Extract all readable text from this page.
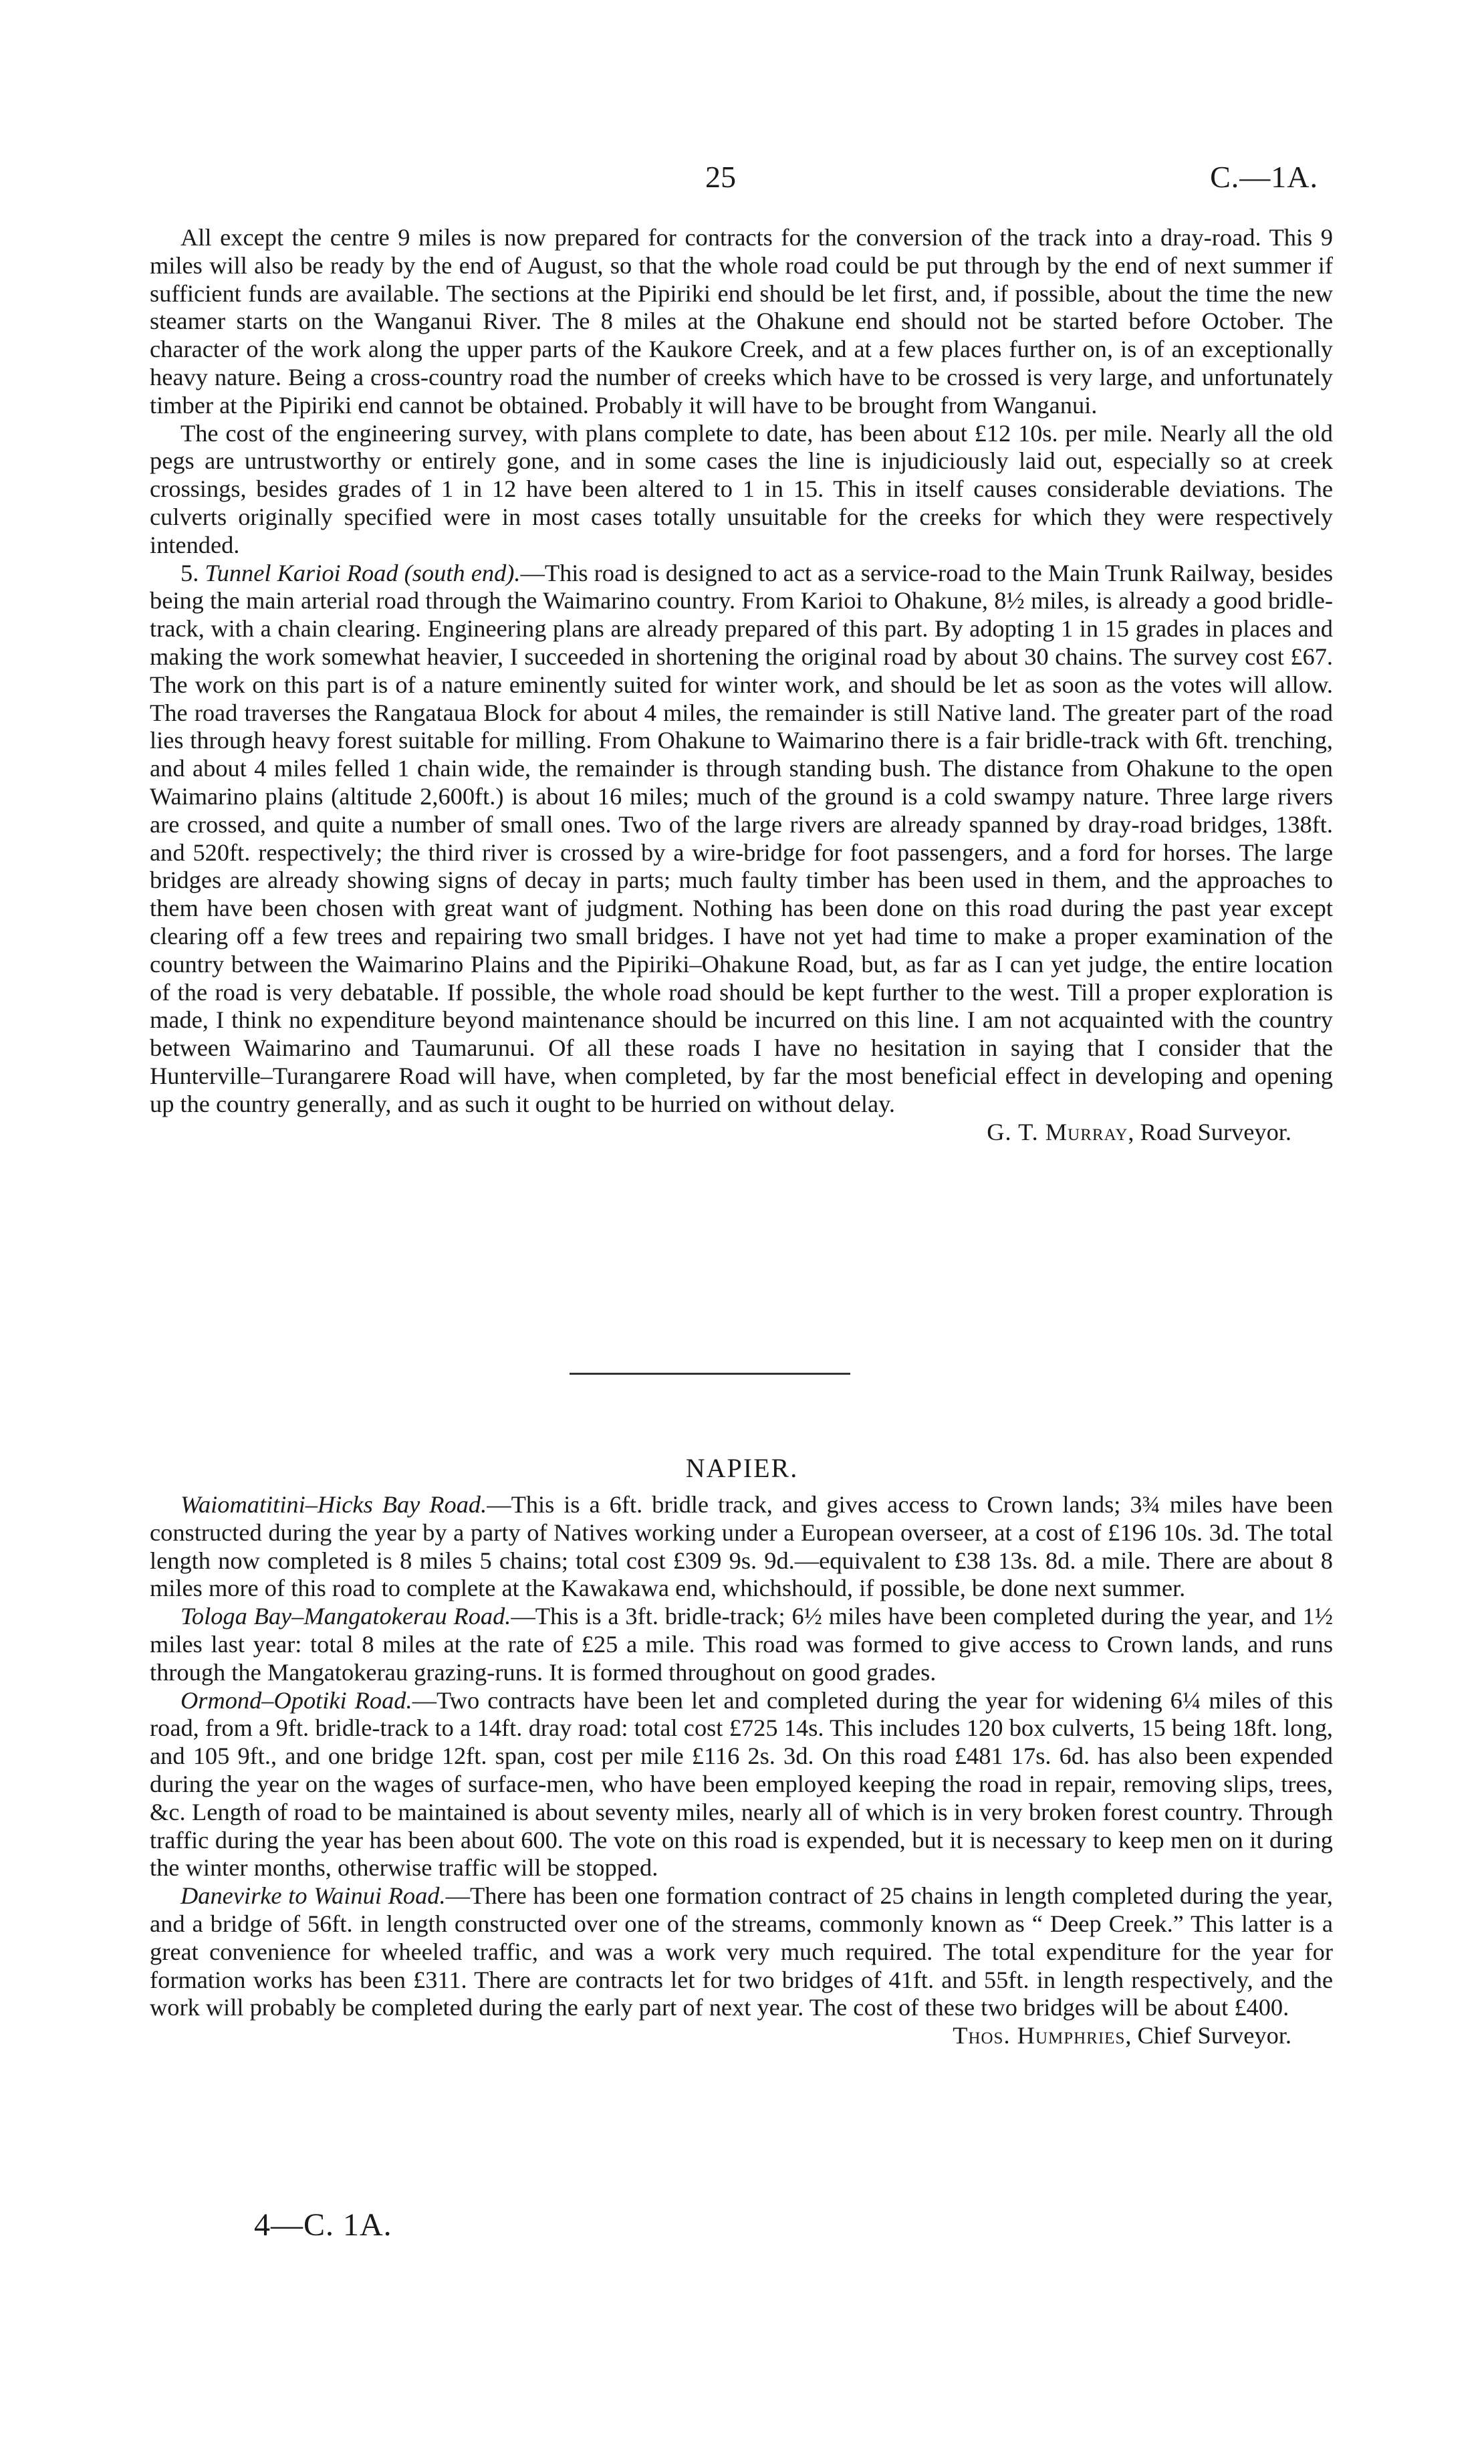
25	C.—1A.

All except the centre 9 miles is now prepared for contracts for the conversion of the track into a dray-road. This 9 miles will also be ready by the end of August, so that the whole road could be put through by the end of next summer if sufficient funds are available. The sections at the Pipiriki end should be let first, and, if possible, about the time the new steamer starts on the Wanganui River. The 8 miles at the Ohakune end should not be started before October. The character of the work along the upper parts of the Kaukore Creek, and at a few places further on, is of an exceptionally heavy nature. Being a cross-country road the number of creeks which have to be crossed is very large, and unfortunately timber at the Pipiriki end cannot be obtained. Probably it will have to be brought from Wanganui.

The cost of the engineering survey, with plans complete to date, has been about £12 10s. per mile. Nearly all the old pegs are untrustworthy or entirely gone, and in some cases the line is injudiciously laid out, especially so at creek crossings, besides grades of 1 in 12 have been altered to 1 in 15. This in itself causes considerable deviations. The culverts originally specified were in most cases totally unsuitable for the creeks for which they were respectively intended.

5. Tunnel Karioi Road (south end).—This road is designed to act as a service-road to the Main Trunk Railway, besides being the main arterial road through the Waimarino country. From Karioi to Ohakune, 8½ miles, is already a good bridle-track, with a chain clearing. Engineering plans are already prepared of this part. By adopting 1 in 15 grades in places and making the work somewhat heavier, I succeeded in shortening the original road by about 30 chains. The survey cost £67. The work on this part is of a nature eminently suited for winter work, and should be let as soon as the votes will allow. The road traverses the Rangataua Block for about 4 miles, the remainder is still Native land. The greater part of the road lies through heavy forest suitable for milling. From Ohakune to Waimarino there is a fair bridle-track with 6ft. trenching, and about 4 miles felled 1 chain wide, the remainder is through standing bush. The distance from Ohakune to the open Waimarino plains (altitude 2,600ft.) is about 16 miles; much of the ground is a cold swampy nature. Three large rivers are crossed, and quite a number of small ones. Two of the large rivers are already spanned by dray-road bridges, 138ft. and 520ft. respectively; the third river is crossed by a wire-bridge for foot passengers, and a ford for horses. The large bridges are already showing signs of decay in parts; much faulty timber has been used in them, and the approaches to them have been chosen with great want of judgment. Nothing has been done on this road during the past year except clearing off a few trees and repairing two small bridges. I have not yet had time to make a proper examination of the country between the Waimarino Plains and the Pipiriki–Ohakune Road, but, as far as I can yet judge, the entire location of the road is very debatable. If possible, the whole road should be kept further to the west. Till a proper exploration is made, I think no expenditure beyond maintenance should be incurred on this line. I am not acquainted with the country between Waimarino and Taumarunui. Of all these roads I have no hesitation in saying that I consider that the Hunterville–Turangarere Road will have, when completed, by far the most beneficial effect in developing and opening up the country generally, and as such it ought to be hurried on without delay.

G. T. Murray, Road Surveyor.

NAPIER.

Waiomatitini–Hicks Bay Road.—This is a 6ft. bridle track, and gives access to Crown lands; 3¾ miles have been constructed during the year by a party of Natives working under a European overseer, at a cost of £196 10s. 3d. The total length now completed is 8 miles 5 chains; total cost £309 9s. 9d.—equivalent to £38 13s. 8d. a mile. There are about 8 miles more of this road to complete at the Kawakawa end, whichshould, if possible, be done next summer.

Tologa Bay–Mangatokerau Road.—This is a 3ft. bridle-track; 6½ miles have been completed during the year, and 1½ miles last year: total 8 miles at the rate of £25 a mile. This road was formed to give access to Crown lands, and runs through the Mangatokerau grazing-runs. It is formed throughout on good grades.

Ormond–Opotiki Road.—Two contracts have been let and completed during the year for widening 6¼ miles of this road, from a 9ft. bridle-track to a 14ft. dray road: total cost £725 14s. This includes 120 box culverts, 15 being 18ft. long, and 105 9ft., and one bridge 12ft. span, cost per mile £116 2s. 3d. On this road £481 17s. 6d. has also been expended during the year on the wages of surface-men, who have been employed keeping the road in repair, removing slips, trees, &c. Length of road to be maintained is about seventy miles, nearly all of which is in very broken forest country. Through traffic during the year has been about 600. The vote on this road is expended, but it is necessary to keep men on it during the winter months, otherwise traffic will be stopped.

Danevirke to Wainui Road.—There has been one formation contract of 25 chains in length completed during the year, and a bridge of 56ft. in length constructed over one of the streams, commonly known as “ Deep Creek.” This latter is a great convenience for wheeled traffic, and was a work very much required. The total expenditure for the year for formation works has been £311. There are contracts let for two bridges of 41ft. and 55ft. in length respectively, and the work will probably be completed during the early part of next year. The cost of these two bridges will be about £400.

Thos. Humphries, Chief Surveyor.

4—C. 1A.
